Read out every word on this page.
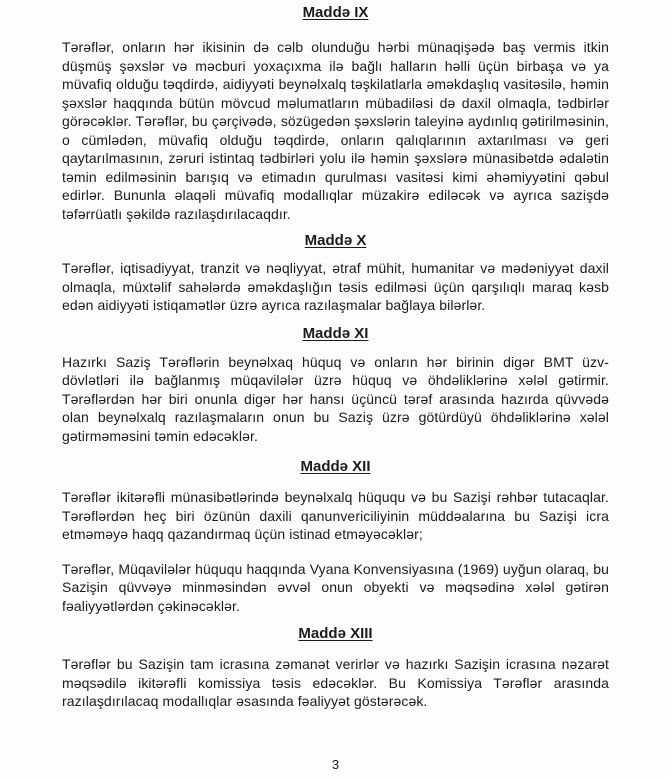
Maddə IX

Tərəflər, onların hər ikisinin də cəlb olunduğu hərbi münaqişədə baş vermis itkin düşmüş şəxslər və məcburi yoxaçıxma ilə bağlı halların həlli üçün birbaşa və ya müvafiq olduğu təqdirdə, aidiyyəti beynəlxalq təşkilatlarla əməkdaşlıq vasitəsilə, həmin şəxslər haqqında bütün mövcud məlumatların mübadiləsi də daxil olmaqla, tədbirlər görəcəklər. Tərəflər, bu çərçivədə, sözügedən şəxslərin taleyinə aydınlıq gətirilməsinin, o cümlədən, müvafiq olduğu təqdirdə, onların qalıqlarının axtarılması və geri qaytarılmasının, zəruri istintaq tədbirləri yolu ilə həmin şəxslərə münasibətdə ədalətin təmin edilməsinin barışıq və etimadın qurulması vasitəsi kimi əhəmiyyətini qəbul edirlər. Bununla əlaqəli müvafiq modallıqlar müzakirə ediləcək və ayrıca sazişdə təfərrüatlı şəkildə razılaşdırılacaqdır.

Maddə X

Tərəflər, iqtisadiyyat, tranzit və nəqliyyat, ətraf mühit, humanitar və mədəniyyət daxil olmaqla, müxtəlif sahələrdə əməkdaşlığın təsis edilməsi üçün qarşılıqlı maraq kəsb edən aidiyyəti istiqamətlər üzrə ayrıca razılaşmalar bağlaya bilərlər.

Maddə XI

Hazırkı Saziş Tərəflərin beynəlxaq hüquq və onların hər birinin digər BMT üzv-dövlətləri ilə bağlanmış müqavilələr üzrə hüquq və öhdəliklərinə xələl gətirmir. Tərəflərdən hər biri onunla digər hər hansı üçüncü tərəf arasında hazırda qüvvədə olan beynəlxalq razılaşmaların onun bu Saziş üzrə götürdüyü öhdəliklərinə xələl gətirməməsini təmin edəcəklər.

Maddə XII

Tərəflər ikitərəfli münasibətlərində beynəlxalq hüququ və bu Sazişi rəhbər tutacaqlar. Tərəflərdən heç biri özünün daxili qanunvericiliyinin müddəalarına bu Sazişi icra etməməyə haqq qazandırmaq üçün istinad etməyəcəklər;

Tərəflər, Müqavilələr hüququ haqqında Vyana Konvensiyasına (1969) uyğun olaraq, bu Sazişin qüvvəyə minməsindən əvvəl onun obyekti və məqsədinə xələl gətirən fəaliyyətlərdən çəkinəcəklər.

Maddə XIII

Tərəflər bu Sazişin tam icrasına zəmanət verirlər və hazırkı Sazişin icrasına nəzarət məqsədilə ikitərəfli komissiya təsis edəcəklər. Bu Komissiya Tərəflər arasında razılaşdırılacaq modallıqlar əsasında fəaliyyət göstərəcək.

3
